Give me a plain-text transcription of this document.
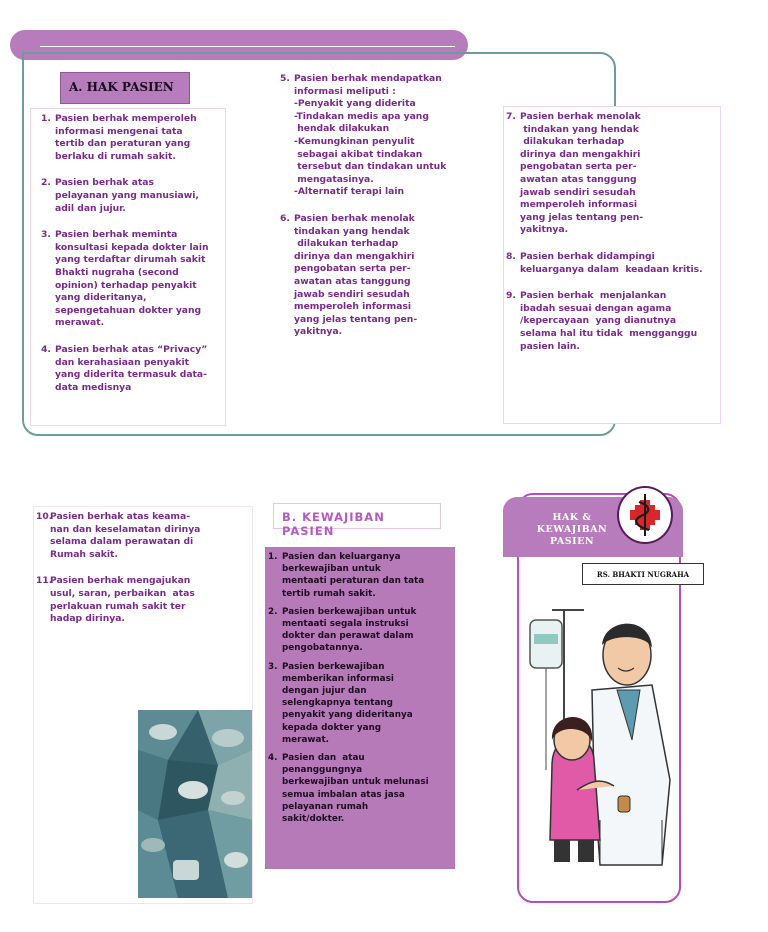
A. HAK PASIEN
1. Pasien berhak memperoleh
informasi mengenai tata
tertib dan peraturan yang
berlaku di rumah sakit.
2. Pasien berhak atas
pelayanan yang manusiawi,
adil dan jujur.
3. Pasien berhak meminta
konsultasi kepada dokter lain
yang terdaftar dirumah sakit
Bhakti nugraha (second
opinion) terhadap penyakit
yang dideritanya,
sepengetahuan dokter yang
merawat.
4. Pasien berhak atas “Privacy”
dan kerahasiaan penyakit
yang diderita termasuk data-
data medisnya
5. Pasien berhak mendapatkan
informasi meliputi :
-Penyakit yang diderita
-Tindakan medis apa yang
hendak dilakukan
-Kemungkinan penyulit
sebagai akibat tindakan
tersebut dan tindakan untuk
mengatasinya.
-Alternatif terapi lain
6. Pasien berhak menolak
tindakan yang hendak
dilakukan terhadap
dirinya dan mengakhiri
pengobatan serta per-
awatan atas tanggung
jawab sendiri sesudah
memperoleh informasi
yang jelas tentang pen-
yakitnya.
7. Pasien berhak menolak
tindakan yang hendak
dilakukan terhadap
dirinya dan mengakhiri
pengobatan serta per-
awatan atas tanggung
jawab sendiri sesudah
memperoleh informasi
yang jelas tentang pen-
yakitnya.
8. Pasien berhak didampingi
keluarganya dalam  keadaan kritis.
9. Pasien berhak  menjalankan
ibadah sesuai dengan agama
/kepercayaan  yang dianutnya
selama hal itu tidak  mengganggu
pasien lain.
10.
Pasien berhak atas keama-
nan dan keselamatan dirinya
selama dalam perawatan di
Rumah sakit.
11.
Pasien berhak mengajukan
usul, saran, perbaikan  atas
perlakuan rumah sakit ter
hadap dirinya.
B. KEWAJIBAN PASIEN
1. Pasien dan keluarganya
berkewajiban untuk
mentaati peraturan dan tata
tertib rumah sakit.
2. Pasien berkewajiban untuk
mentaati segala instruksi
dokter dan perawat dalam
pengobatannya.
3. Pasien berkewajiban
memberikan informasi
dengan jujur dan
selengkapnya tentang
penyakit yang dideritanya
kepada dokter yang
merawat.
4. Pasien dan  atau
penanggungnya
berkewajiban untuk melunasi
semua imbalan atas jasa
pelayanan rumah
sakit/dokter.
HAK &
KEWAJIBAN
PASIEN
RS. BHAKTI NUGRAHA
